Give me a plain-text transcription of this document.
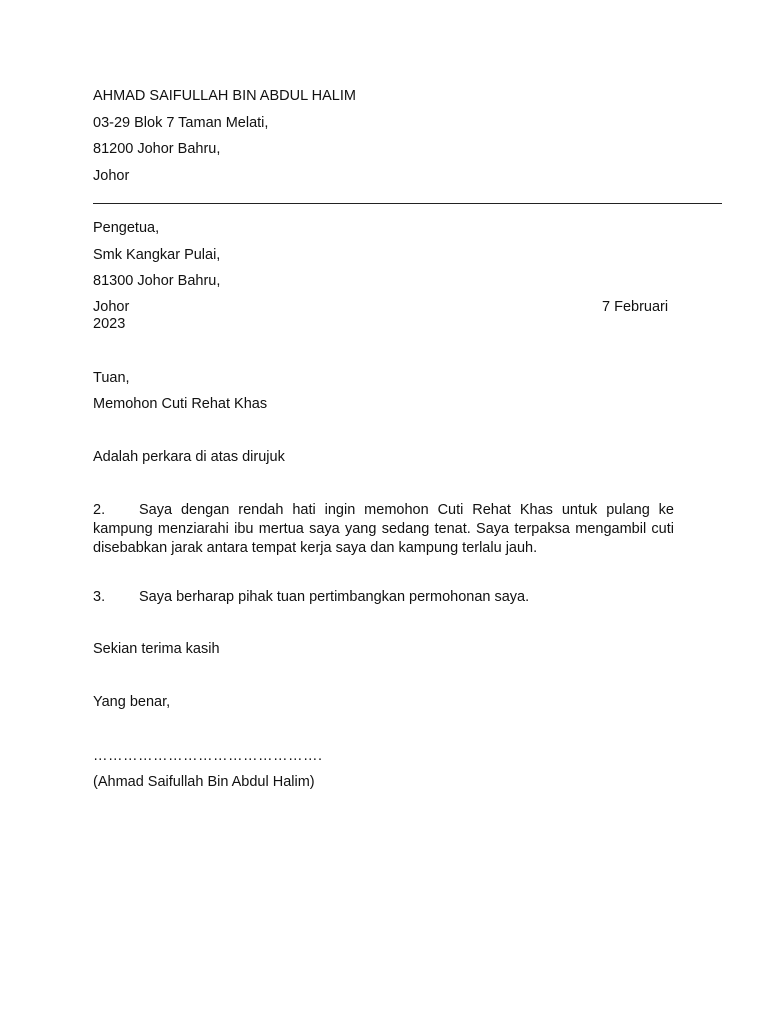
AHMAD SAIFULLAH BIN ABDUL HALIM
03-29 Blok 7 Taman Melati,
81200 Johor Bahru,
Johor
Pengetua,
Smk Kangkar Pulai,
81300 Johor Bahru,
Johor	7 Februari
2023
Tuan,
Memohon Cuti Rehat Khas
Adalah perkara di atas dirujuk
2. Saya dengan rendah hati ingin memohon Cuti Rehat Khas untuk pulang ke kampung menziarahi ibu mertua saya yang sedang tenat. Saya terpaksa mengambil cuti disebabkan jarak antara tempat kerja saya dan kampung terlalu jauh.
3. Saya berharap pihak tuan pertimbangkan permohonan saya.
Sekian terima kasih
Yang benar,
……………………………………….
(Ahmad Saifullah Bin Abdul Halim)
